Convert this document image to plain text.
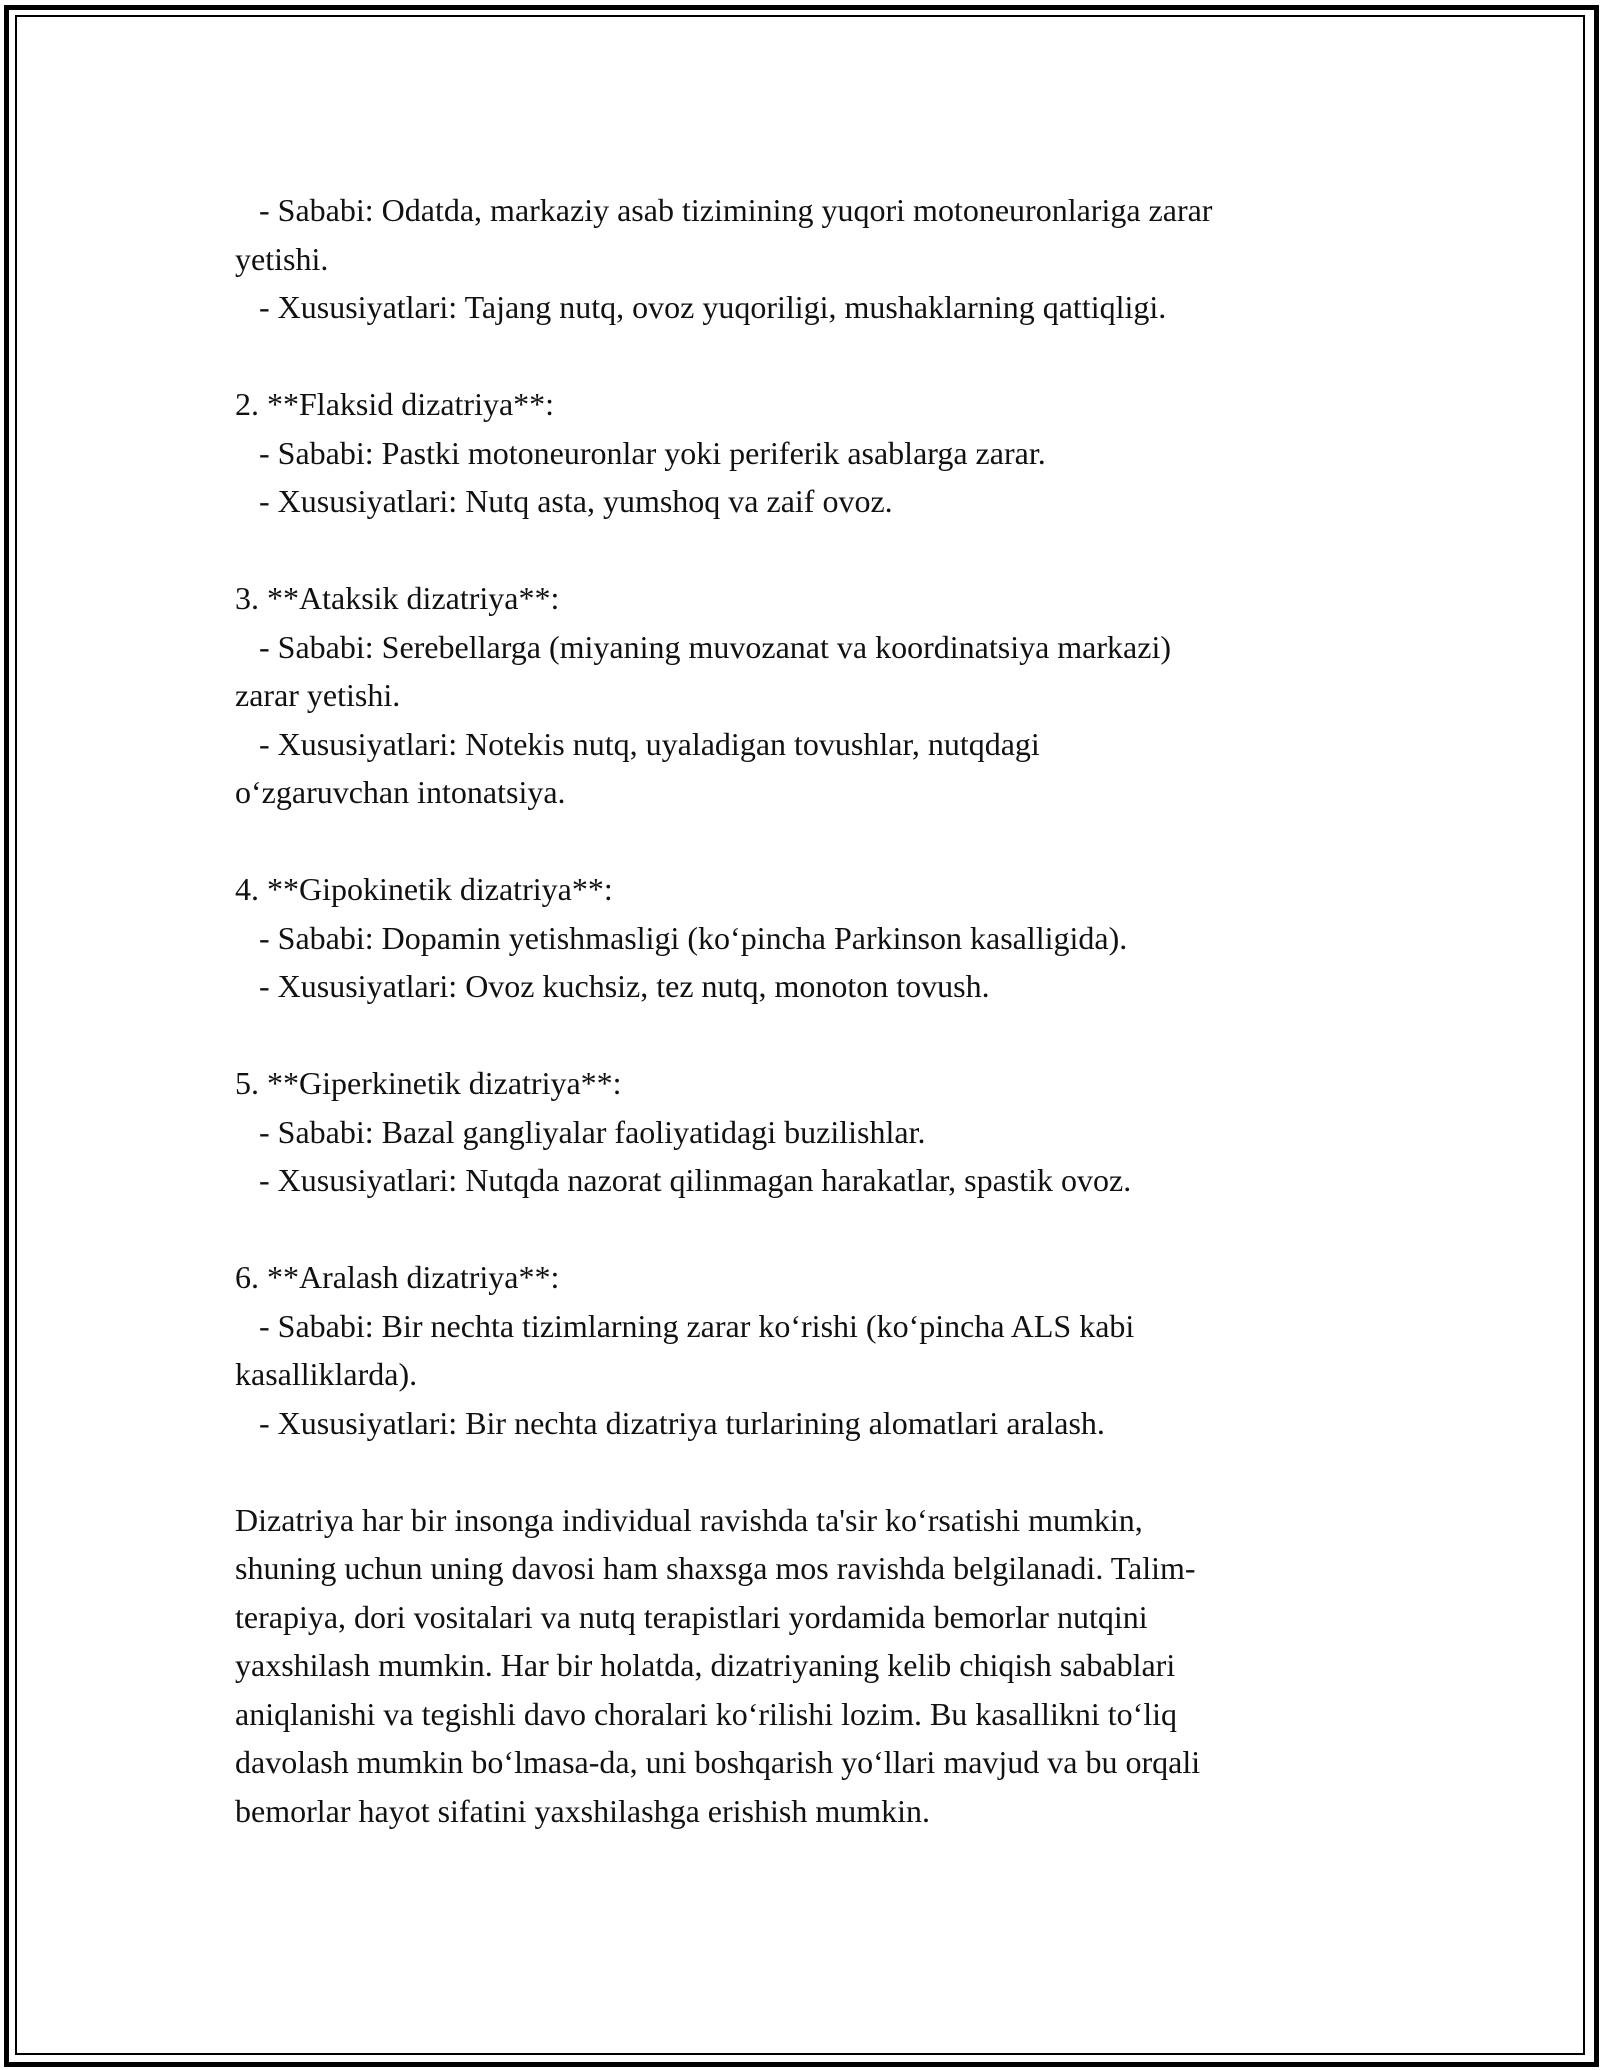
- Sababi: Odatda, markaziy asab tizimining yuqori motoneuronlariga zarar
yetishi.
- Xususiyatlari: Tajang nutq, ovoz yuqoriligi, mushaklarning qattiqligi.
2. **Flaksid dizatriya**:
- Sababi: Pastki motoneuronlar yoki periferik asablarga zarar.
- Xususiyatlari: Nutq asta, yumshoq va zaif ovoz.
3. **Ataksik dizatriya**:
- Sababi: Serebellarga (miyaning muvozanat va koordinatsiya markazi)
zarar yetishi.
- Xususiyatlari: Notekis nutq, uyaladigan tovushlar, nutqdagi
o‘zgaruvchan intonatsiya.
4. **Gipokinetik dizatriya**:
- Sababi: Dopamin yetishmasligi (ko‘pincha Parkinson kasalligida).
- Xususiyatlari: Ovoz kuchsiz, tez nutq, monoton tovush.
5. **Giperkinetik dizatriya**:
- Sababi: Bazal gangliyalar faoliyatidagi buzilishlar.
- Xususiyatlari: Nutqda nazorat qilinmagan harakatlar, spastik ovoz.
6. **Aralash dizatriya**:
- Sababi: Bir nechta tizimlarning zarar ko‘rishi (ko‘pincha ALS kabi
kasalliklarda).
- Xususiyatlari: Bir nechta dizatriya turlarining alomatlari aralash.
Dizatriya har bir insonga individual ravishda ta'sir ko‘rsatishi mumkin,
shuning uchun uning davosi ham shaxsga mos ravishda belgilanadi. Talim-
terapiya, dori vositalari va nutq terapistlari yordamida bemorlar nutqini
yaxshilash mumkin. Har bir holatda, dizatriyaning kelib chiqish sabablari
aniqlanishi va tegishli davo choralari ko‘rilishi lozim. Bu kasallikni to‘liq
davolash mumkin bo‘lmasa-da, uni boshqarish yo‘llari mavjud va bu orqali
bemorlar hayot sifatini yaxshilashga erishish mumkin.
